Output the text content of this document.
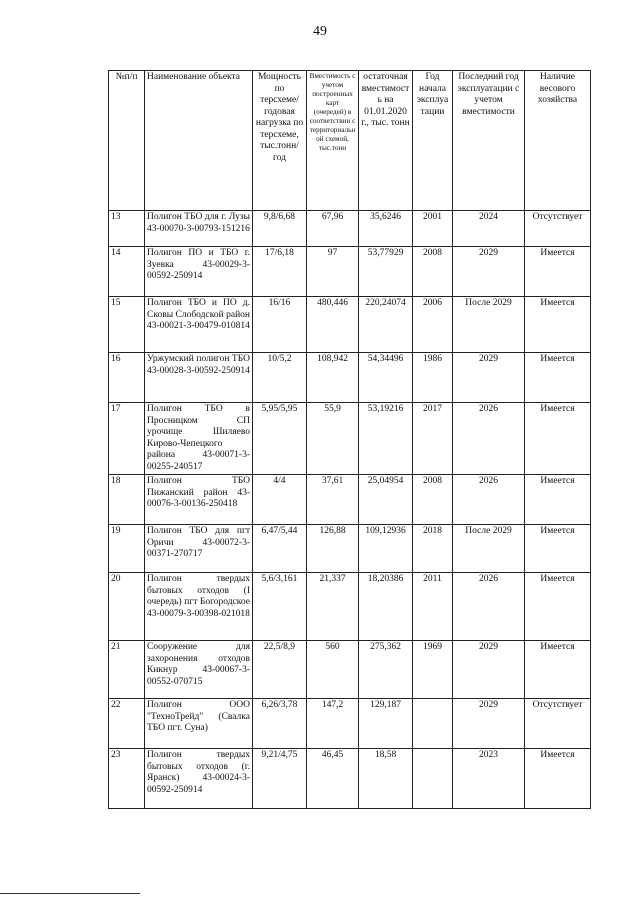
49
№п/п	Наименование объекта	Мощность по терсхеме/годовая нагрузка по терсхеме, тыс.тонн/год	Вместимость с учетом построенных карт (очередей) в соответствии с территориальной схемой, тыс.тонн	остаточная вместимость на 01.01.2020 г., тыс. тонн	Год начала эксплуатации	Последний год эксплуатации с учетом вместимости	Наличие весового хозяйства
13	Полигон ТБО для г. Лузы 43-00070-3-00793-151216	9,8/6,68	67,96	35,6246	2001	2024	Отсутствует
14	Полигон ПО и ТБО г. Зуевка 43-00029-3-00592-250914	17/6,18	97	53,77929	2008	2029	Имеется
15	Полигон ТБО и ПО д. Сковы Слободской район 43-00021-3-00479-010814	16/16	480,446	220,24074	2006	После 2029	Имеется
16	Уржумский полигон ТБО 43-00028-3-00592-250914	10/5,2	108,942	54,34496	1986	2029	Имеется
17	Полигон ТБО в Просницком СП урочище Шиляево Кирово-Чепецкого района 43-00071-3-00255-240517	5,95/5,95	55,9	53,19216	2017	2026	Имеется
18	Полигон ТБО Пижанский район 43-00076-3-00136-250418	4/4	37,61	25,04954	2008	2026	Имеется
19	Полигон ТБО для пгт Оричи 43-00072-3-00371-270717	6,47/5,44	126,88	109,12936	2018	После 2029	Имеется
20	Полигон твердых бытовых отходов (I очередь) пгт Богородское 43-00079-3-00398-021018	5,6/3,161	21,337	18,20386	2011	2026	Имеется
21	Сооружение для захоронения отходов Кикнур 43-00067-3-00552-070715	22,5/8,9	560	275,362	1969	2029	Имеется
22	Полигон ООО "ТехноТрейд" (Свалка ТБО пгт. Суна)	6,26/3,78	147,2	129,187		2029	Отсутствует
23	Полигон твердых бытовых отходов (г. Яранск) 43-00024-3-00592-250914	9,21/4,75	46,45	18,58		2023	Имеется
